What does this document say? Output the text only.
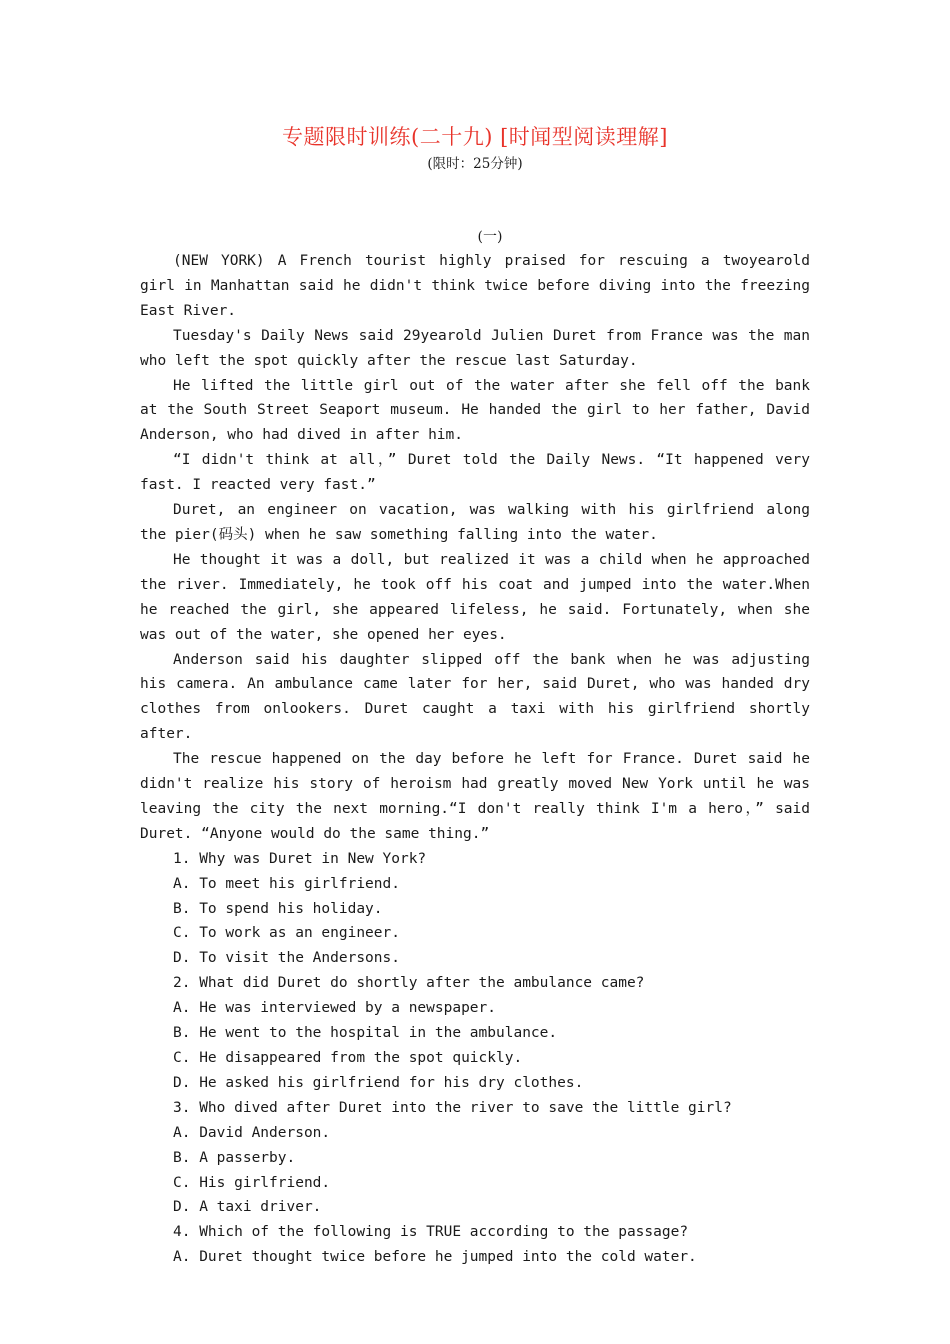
专题限时训练(二十九) [时闻型阅读理解]
(限时：25分钟)
(一)

(NEW YORK) A French tourist highly praised for rescuing a twoyearold girl in Manhattan said he didn't think twice before diving into the freezing East River.

Tuesday's Daily News said 29yearold Julien Duret from France was the man who left the spot quickly after the rescue last Saturday.

He lifted the little girl out of the water after she fell off the bank at the South Street Seaport museum. He handed the girl to her father, David Anderson, who had dived in after him.

“I didn't think at all，” Duret told the Daily News. “It happened very fast. I reacted very fast.”

Duret, an engineer on vacation, was walking with his girlfriend along the pier(码头) when he saw something falling into the water.

He thought it was a doll, but realized it was a child when he approached the river. Immediately, he took off his coat and jumped into the water.When he reached the girl, she appeared lifeless, he said. Fortunately, when she was out of the water, she opened her eyes.

Anderson said his daughter slipped off the bank when he was adjusting his camera. An ambulance came later for her, said Duret, who was handed dry clothes from onlookers. Duret caught a taxi with his girlfriend shortly after.

The rescue happened on the day before he left for France. Duret said he didn't realize his story of heroism had greatly moved New York until he was leaving the city the next morning.“I don't really think I'm a hero，” said Duret. “Anyone would do the same thing.”

1. Why was Duret in New York?

A. To meet his girlfriend.

B. To spend his holiday.

C. To work as an engineer.

D. To visit the Andersons.

2. What did Duret do shortly after the ambulance came?

A. He was interviewed by a newspaper.

B. He went to the hospital in the ambulance.

C. He disappeared from the spot quickly.

D. He asked his girlfriend for his dry clothes.

3. Who dived after Duret into the river to save the little girl?

A. David Anderson.

B. A passerby.

C. His girlfriend.

D. A taxi driver.

4. Which of the following is TRUE according to the passage?

A. Duret thought twice before he jumped into the cold water.
